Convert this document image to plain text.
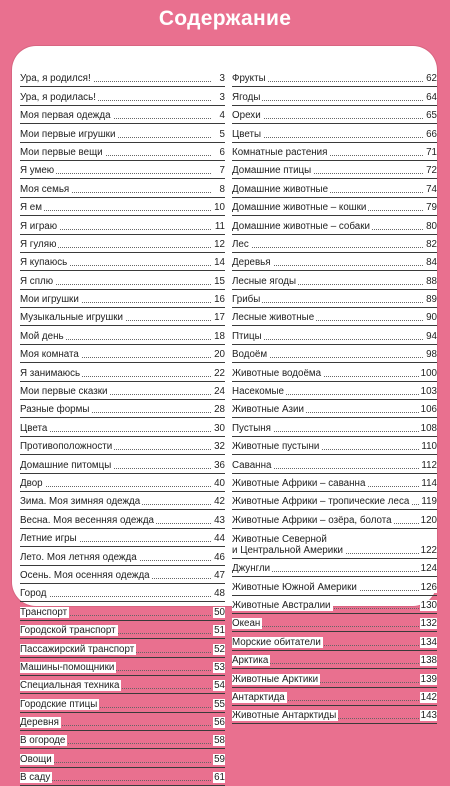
Содержание
Ура, я родился!	3
Ура, я родилась!	3
Моя первая одежда	4
Мои первые игрушки	5
Мои первые вещи	6
Я умею	7
Моя семья	8
Я ем	10
Я играю	11
Я гуляю	12
Я купаюсь	14
Я сплю	15
Мои игрушки	16
Музыкальные игрушки	17
Мой день	18
Моя комната	20
Я занимаюсь	22
Мои первые сказки	24
Разные формы	28
Цвета	30
Противоположности	32
Домашние питомцы	36
Двор	40
Зима. Моя зимняя одежда	42
Весна. Моя весенняя одежда	43
Летние игры	44
Лето. Моя летняя одежда	46
Осень. Моя осенняя одежда	47
Город	48
Транспорт	50
Городской транспорт	51
Пассажирский транспорт	52
Машины-помощники	53
Специальная техника	54
Городские птицы	55
Деревня	56
В огороде	58
Овощи	59
В саду	61
Фрукты	62
Ягоды	64
Орехи	65
Цветы	66
Комнатные растения	71
Домашние птицы	72
Домашние животные	74
Домашние животные – кошки	79
Домашние животные – собаки	80
Лес	82
Деревья	84
Лесные ягоды	88
Грибы	89
Лесные животные	90
Птицы	94
Водоём	98
Животные водоёма	100
Насекомые	103
Животные Азии	106
Пустыня	108
Животные пустыни	110
Саванна	112
Животные Африки – саванна	114
Животные Африки – тропические леса 119
Животные Африки – озёра, болота	120
Животные Северной
и Центральной Америки	122
Джунгли	124
Животные Южной Америки	126
Животные Австралии	130
Океан	132
Морские обитатели	134
Арктика	138
Животные Арктики	139
Антарктида	142
Животные Антарктиды	143
